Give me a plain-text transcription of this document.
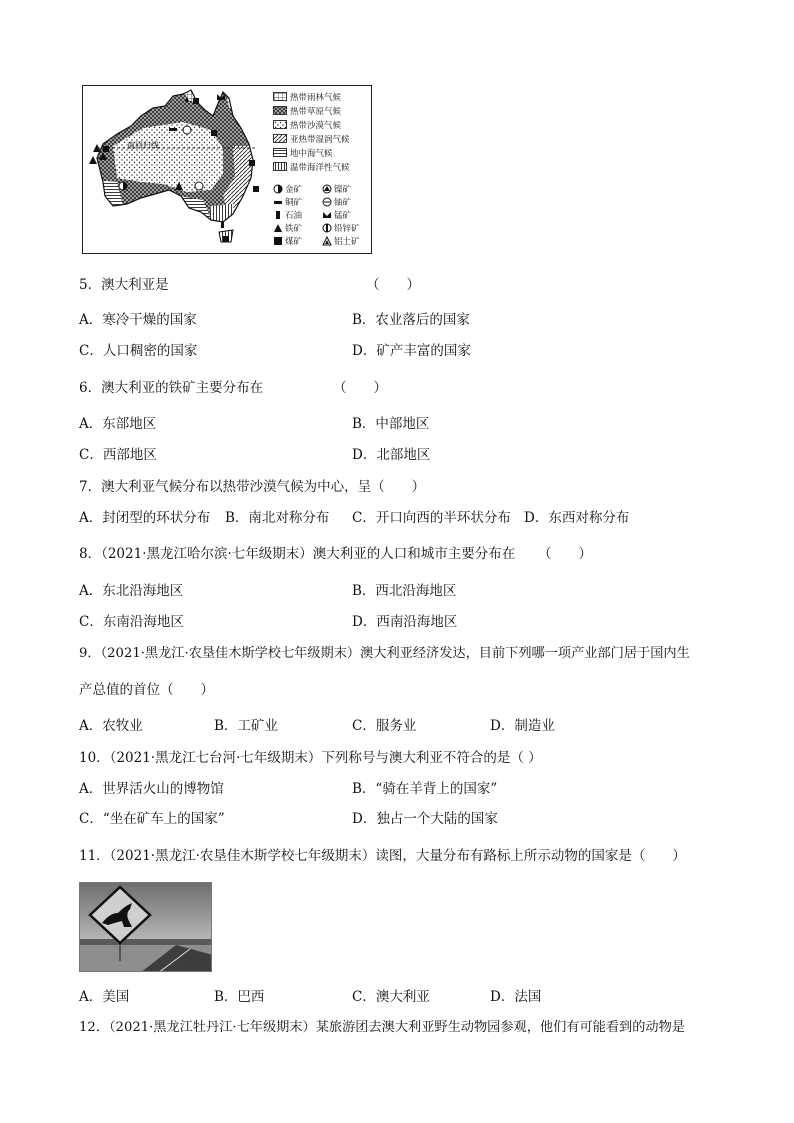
南回归线
热带雨林气候
热带草原气候
热带沙漠气候
亚热带湿润气候
地中海气候
温带海洋性气候
金矿	镍矿
铜矿	铀矿
石油	锰矿
铁矿	铅锌矿
煤矿	铝土矿
5．澳大利亚是	（　　）
A．寒冷干燥的国家	B．农业落后的国家
C．人口稠密的国家	D．矿产丰富的国家
6．澳大利亚的铁矿主要分布在	（　　）
A．东部地区	B．中部地区
C．西部地区	D．北部地区
7．澳大利亚气候分布以热带沙漠气候为中心，呈（　　）
A．封闭型的环状分布 B．南北对称分布 C．开口向西的半环状分布 D．东西对称分布
8．（2021·黑龙江哈尔滨·七年级期末）澳大利亚的人口和城市主要分布在 （　　）
A．东北沿海地区	B．西北沿海地区
C．东南沿海地区	D．西南沿海地区
9．（2021·黑龙江·农垦佳木斯学校七年级期末）澳大利亚经济发达，目前下列哪一项产业部门居于国内生
产总值的首位（　　）
A．农牧业	B．工矿业	C．服务业	D．制造业
10．（2021·黑龙江七台河·七年级期末）下列称号与澳大利亚不符合的是（ ）
A．世界活火山的博物馆	B．“骑在羊背上的国家”
C．“坐在矿车上的国家”	D．独占一个大陆的国家
11．（2021·黑龙江·农垦佳木斯学校七年级期末）读图，大量分布有路标上所示动物的国家是（　　）
A．美国	B．巴西	C．澳大利亚	D．法国
12．（2021·黑龙江牡丹江·七年级期末）某旅游团去澳大利亚野生动物园参观，他们有可能看到的动物是
